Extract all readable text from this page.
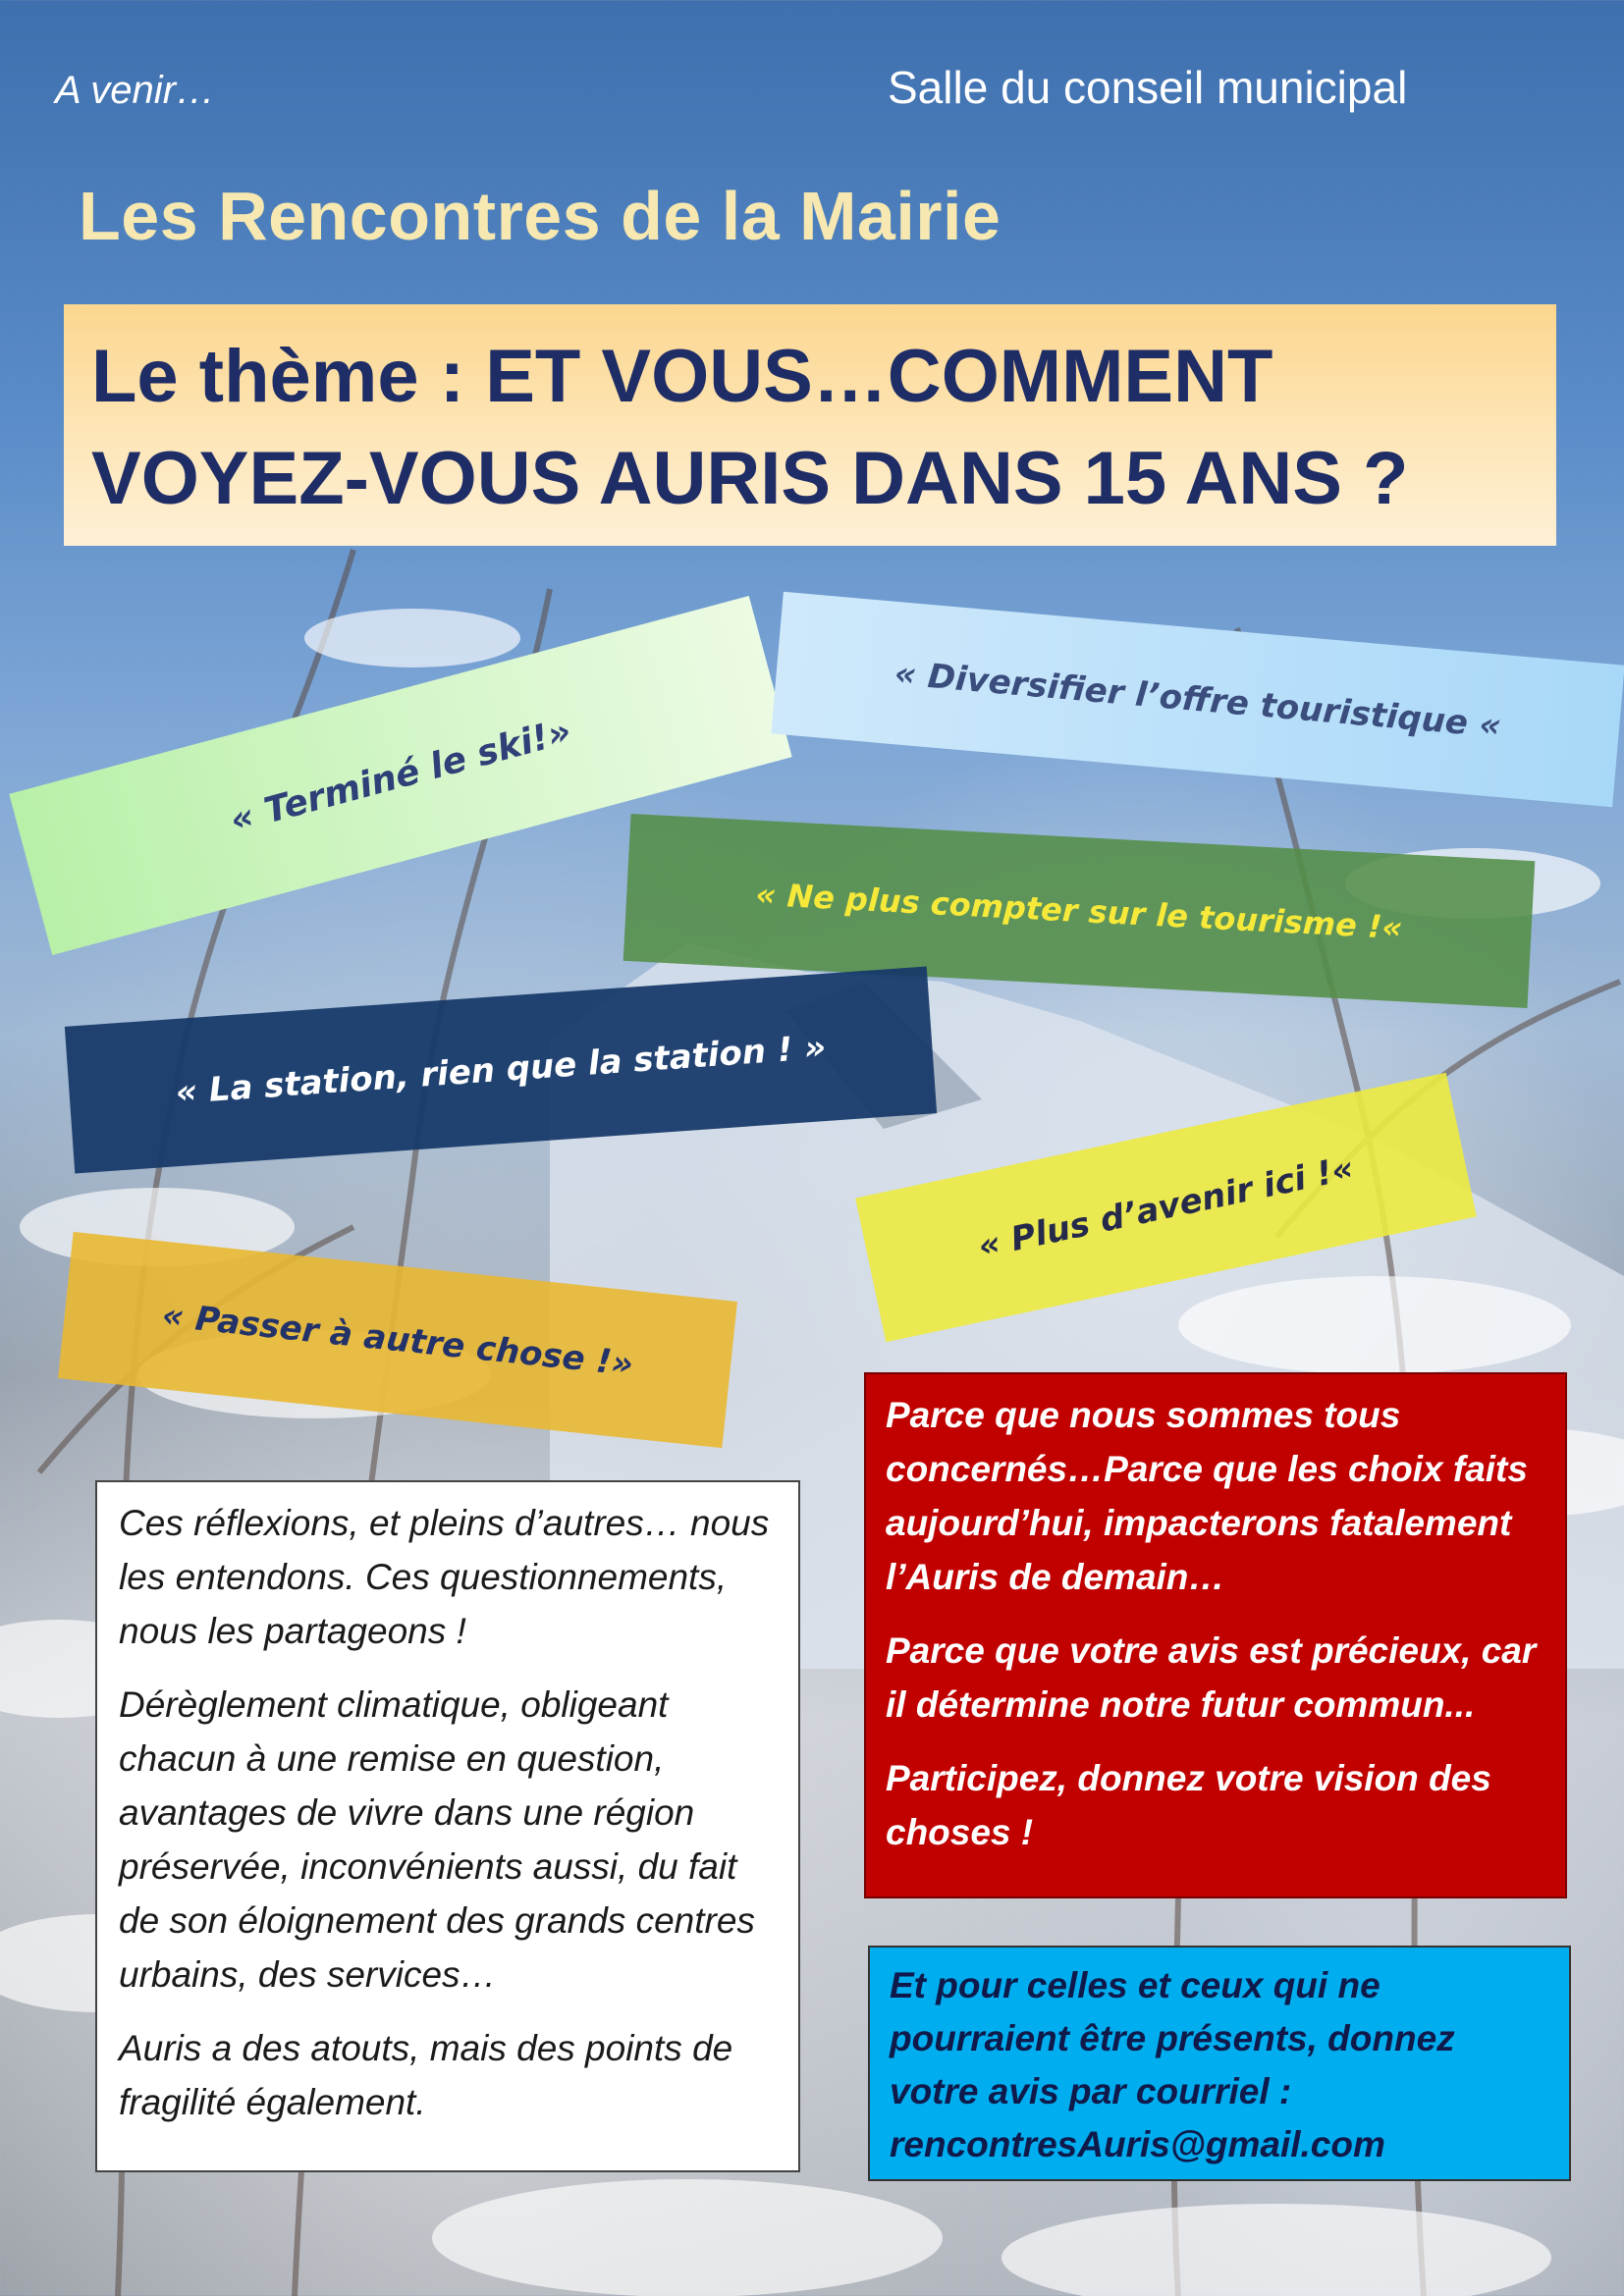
A venir…	Salle du conseil municipal
Les Rencontres de la Mairie
Le thème : ET VOUS…COMMENT
VOYEZ-VOUS AURIS DANS 15 ANS ?
« Terminé le ski!»
« Diversifier l’offre touristique «
« Ne plus compter sur le tourisme !«
« La station, rien que la station ! »
« Plus d’avenir ici !«
« Passer à autre chose !»

Ces réflexions, et pleins d’autres… nous les entendons. Ces questionnements, nous les partageons !

Dérèglement climatique, obligeant chacun à une remise en question, avantages de vivre dans une région préservée, inconvénients aussi, du fait de son éloignement des grands centres urbains, des services…

Auris a des atouts, mais des points de fragilité également.

Parce que nous sommes tous concernés…Parce que les choix faits aujourd’hui, impacterons fatalement l’Auris de demain…

Parce que votre avis est précieux, car il détermine notre futur commun...

Participez, donnez votre vision des choses !

Et pour celles et ceux qui ne pourraient être présents, donnez votre avis par courriel :

rencontresAuris@gmail.com
